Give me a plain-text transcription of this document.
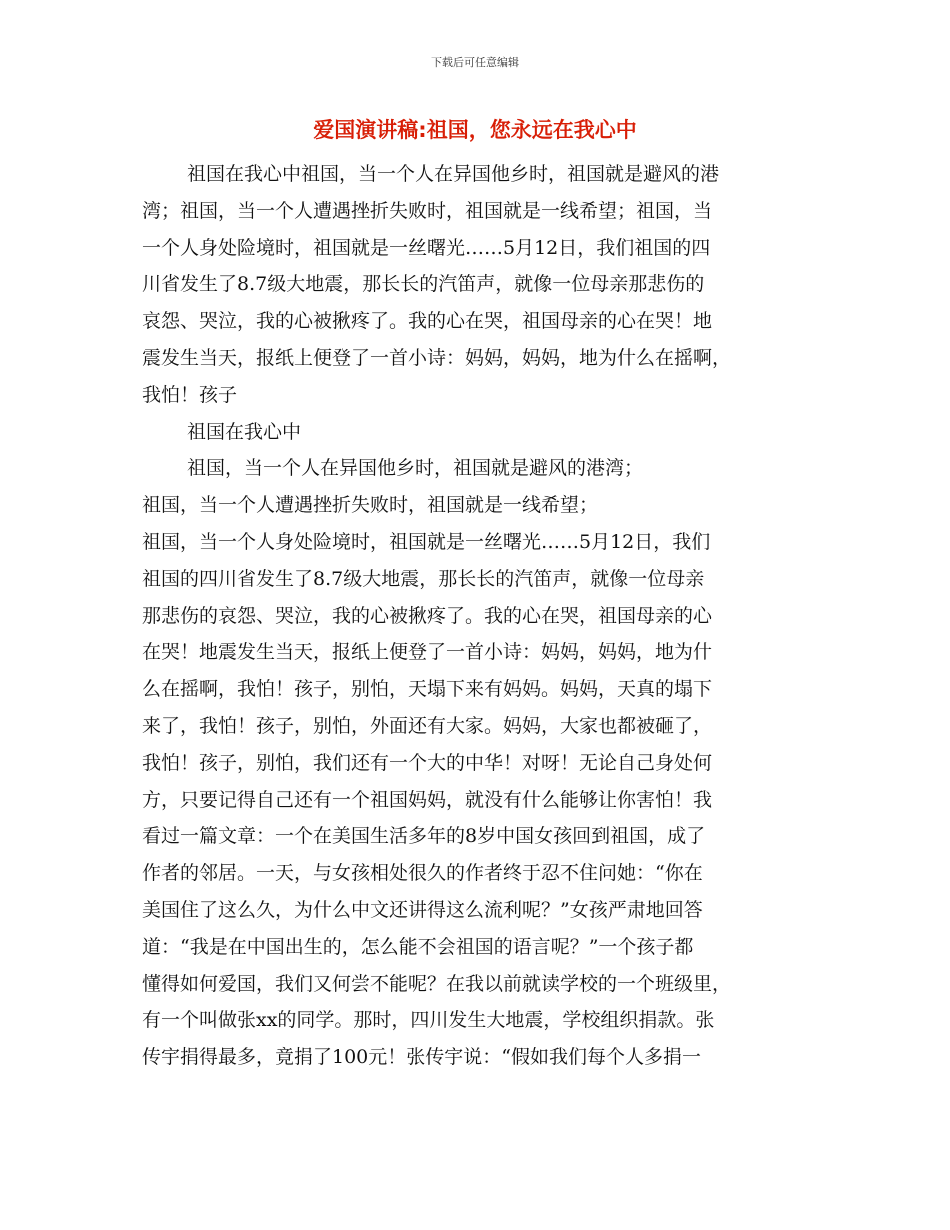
下载后可任意编辑
爱国演讲稿:祖国，您永远在我心中

祖国在我心中祖国，当一个人在异国他乡时，祖国就是避风的港

湾；祖国，当一个人遭遇挫折失败时，祖国就是一线希望；祖国，当

一个人身处险境时，祖国就是一丝曙光……5月12日，我们祖国的四

川省发生了8.7级大地震，那长长的汽笛声，就像一位母亲那悲伤的

哀怨、哭泣，我的心被揪疼了。我的心在哭，祖国母亲的心在哭！地

震发生当天，报纸上便登了一首小诗：妈妈，妈妈，地为什么在摇啊，

我怕！孩子

祖国在我心中

祖国，当一个人在异国他乡时，祖国就是避风的港湾；

祖国，当一个人遭遇挫折失败时，祖国就是一线希望；

祖国，当一个人身处险境时，祖国就是一丝曙光……5月12日，我们

祖国的四川省发生了8.7级大地震，那长长的汽笛声，就像一位母亲

那悲伤的哀怨、哭泣，我的心被揪疼了。我的心在哭，祖国母亲的心

在哭！地震发生当天，报纸上便登了一首小诗：妈妈，妈妈，地为什

么在摇啊，我怕！孩子，别怕，天塌下来有妈妈。妈妈，天真的塌下

来了，我怕！孩子，别怕，外面还有大家。妈妈，大家也都被砸了，

我怕！孩子，别怕，我们还有一个大的中华！对呀！无论自己身处何

方，只要记得自己还有一个祖国妈妈，就没有什么能够让你害怕！我

看过一篇文章：一个在美国生活多年的8岁中国女孩回到祖国，成了

作者的邻居。一天，与女孩相处很久的作者终于忍不住问她：“你在

美国住了这么久，为什么中文还讲得这么流利呢？”女孩严肃地回答

道：“我是在中国出生的，怎么能不会祖国的语言呢？”一个孩子都

懂得如何爱国，我们又何尝不能呢？在我以前就读学校的一个班级里，

有一个叫做张xx的同学。那时，四川发生大地震，学校组织捐款。张

传宇捐得最多，竟捐了100元！张传宇说：“假如我们每个人多捐一
